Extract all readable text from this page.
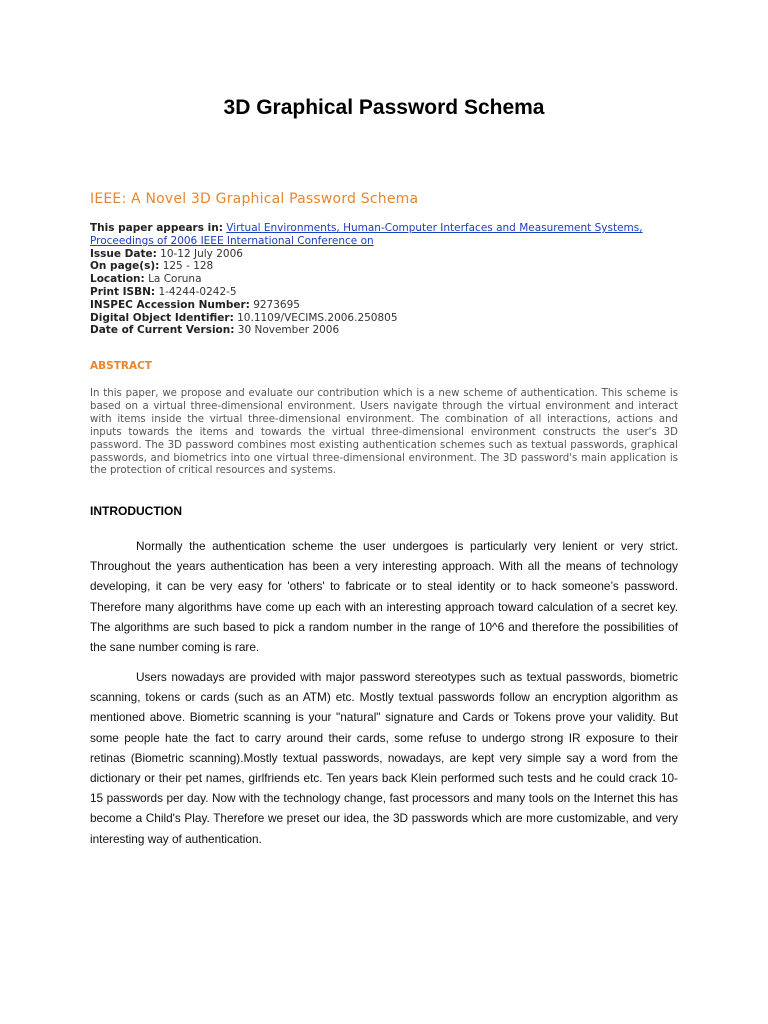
3D Graphical Password Schema
IEEE: A Novel 3D Graphical Password Schema
This paper appears in: Virtual Environments, Human-Computer Interfaces and Measurement Systems,
Proceedings of 2006 IEEE International Conference on
Issue Date: 10-12 July 2006
On page(s): 125 - 128
Location: La Coruna
Print ISBN: 1-4244-0242-5
INSPEC Accession Number: 9273695
Digital Object Identifier: 10.1109/VECIMS.2006.250805
Date of Current Version: 30 November 2006
ABSTRACT
In this paper, we propose and evaluate our contribution which is a new scheme of authentication. This scheme is based on a virtual three-dimensional environment. Users navigate through the virtual environment and interact with items inside the virtual three-dimensional environment. The combination of all interactions, actions and inputs towards the items and towards the virtual three-dimensional environment constructs the user's 3D password. The 3D password combines most existing authentication schemes such as textual passwords, graphical passwords, and biometrics into one virtual three-dimensional environment. The 3D password's main application is the protection of critical resources and systems.
INTRODUCTION

Normally the authentication scheme the user undergoes is particularly very lenient or very strict. Throughout the years authentication has been a very interesting approach. With all the means of technology developing, it can be very easy for 'others' to fabricate or to steal identity or to hack someone’s password. Therefore many algorithms have come up each with an interesting approach toward calculation of a secret key. The algorithms are such based to pick a random number in the range of 10^6 and therefore the possibilities of the sane number coming is rare.

Users nowadays are provided with major password stereotypes such as textual passwords, biometric scanning, tokens or cards (such as an ATM) etc. Mostly textual passwords follow an encryption algorithm as mentioned above. Biometric scanning is your "natural" signature and Cards or Tokens prove your validity. But some people hate the fact to carry around their cards, some refuse to undergo strong IR exposure to their retinas (Biometric scanning).Mostly textual passwords, nowadays, are kept very simple say a word from the dictionary or their pet names, girlfriends etc. Ten years back Klein performed such tests and he could crack 10-15 passwords per day. Now with the technology change, fast processors and many tools on the Internet this has become a Child's Play. Therefore we preset our idea, the 3D passwords which are more customizable, and very interesting way of authentication.
